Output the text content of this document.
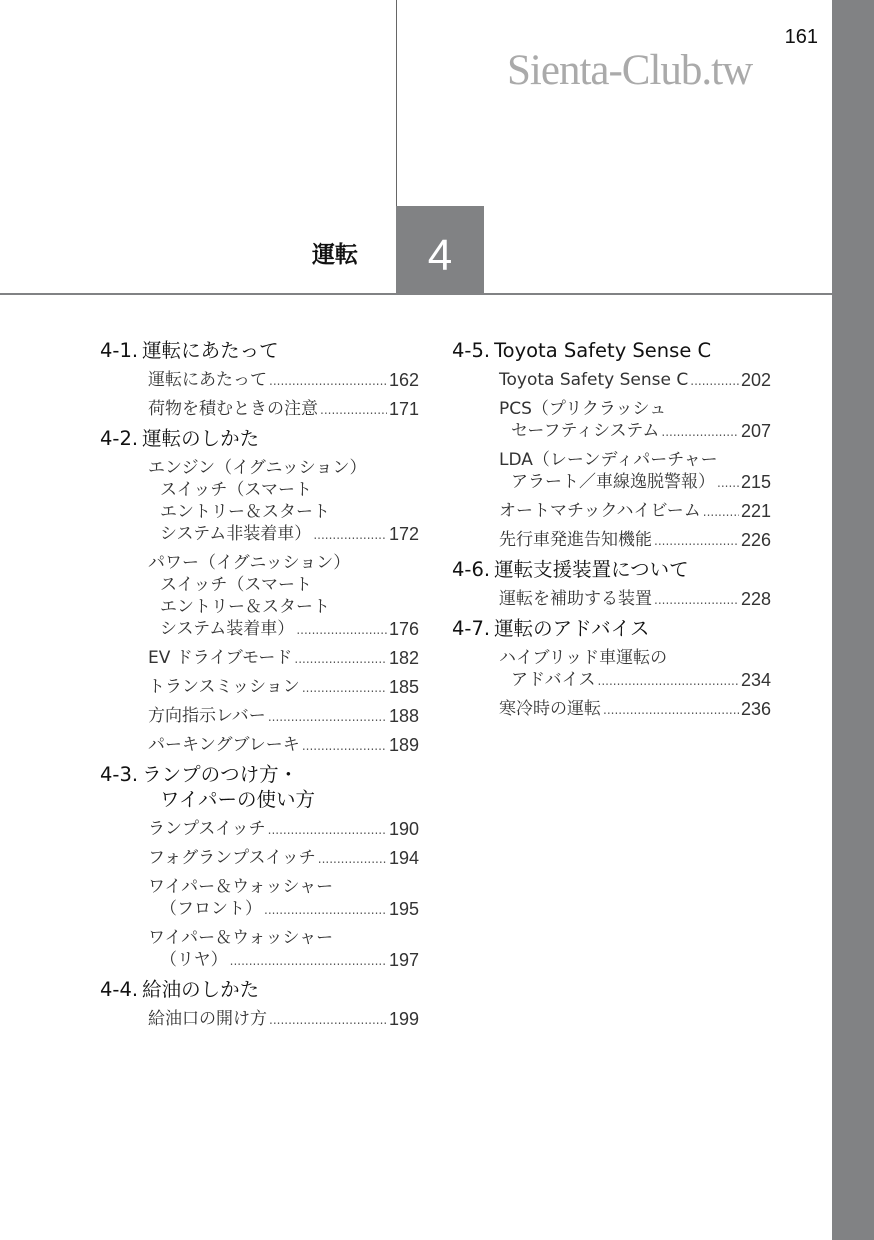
161
Sienta-Club.tw
運転	4
4-1. 運転にあたって
運転にあたって .....	162
荷物を積むときの注意 .....	171
4-2. 運転のしかた
エンジン（イグニッション）
スイッチ（スマート
エントリー＆スタート
システム非装着車） .....	172
パワー（イグニッション）
スイッチ（スマート
エントリー＆スタート
システム装着車） .....	176
EV ドライブモード .....	182
トランスミッション .....	185
方向指示レバー .....	188
パーキングブレーキ .....	189
4-3. ランプのつけ方・
ワイパーの使い方
ランプスイッチ .....	190
フォグランプスイッチ .....	194
ワイパー＆ウォッシャー
（フロント） .....	195
ワイパー＆ウォッシャー
（リヤ） .....	197
4-4. 給油のしかた
給油口の開け方 .....	199
4-5. Toyota Safety Sense C
Toyota Safety Sense C .....	202
PCS（プリクラッシュ
セーフティシステム .....	207
LDA（レーンディパーチャー
アラート／車線逸脱警報） ..... 215
オートマチックハイビーム ..... 221
先行車発進告知機能 .....	226
4-6. 運転支援装置について
運転を補助する装置 .....	228
4-7. 運転のアドバイス
ハイブリッド車運転の
アドバイス .....	234
寒冷時の運転 .....	236
